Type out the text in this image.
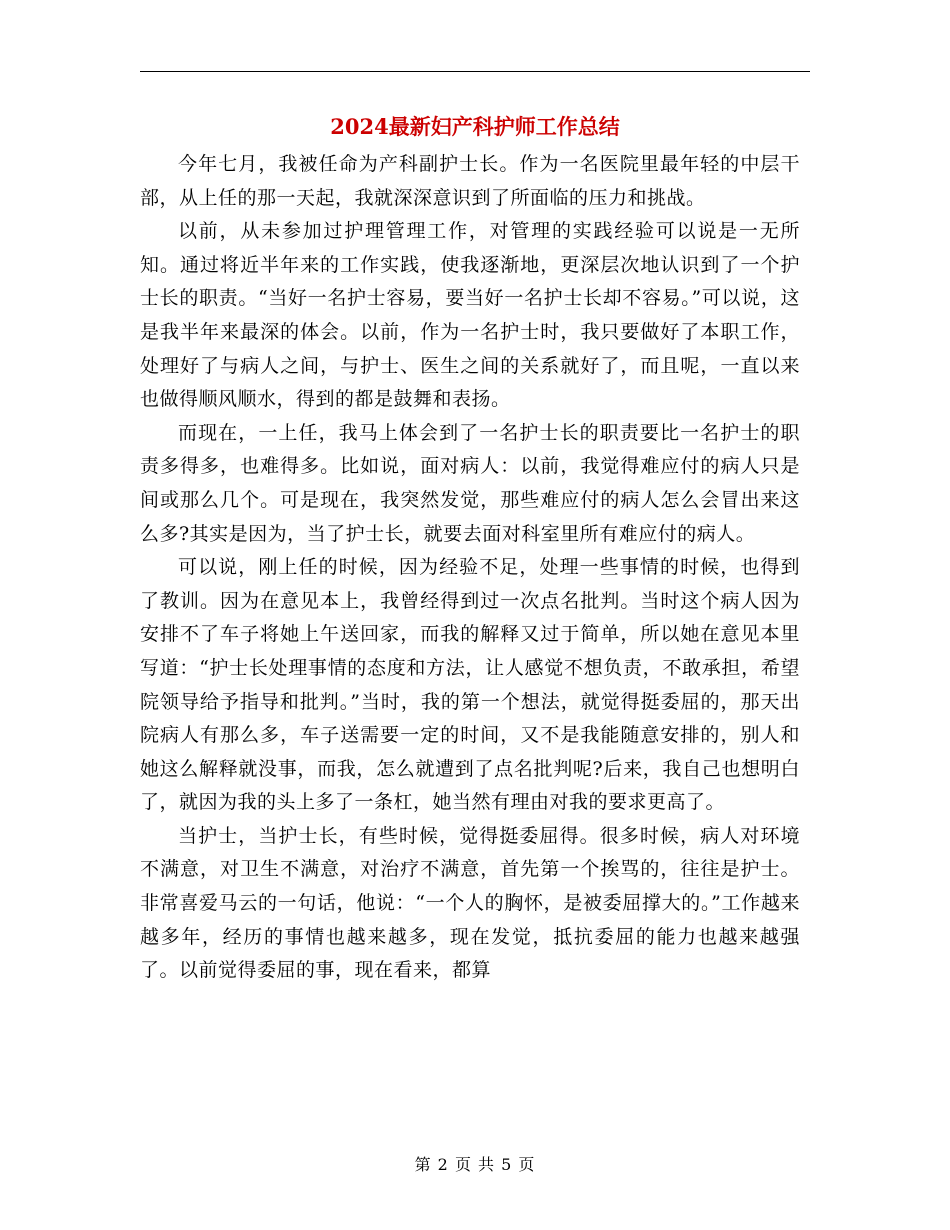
2024最新妇产科护师工作总结

今年七月，我被任命为产科副护士长。作为一名医院里最年轻的中层干部，从上任的那一天起，我就深深意识到了所面临的压力和挑战。

以前，从未参加过护理管理工作，对管理的实践经验可以说是一无所知。通过将近半年来的工作实践，使我逐渐地，更深层次地认识到了一个护士长的职责。“当好一名护士容易，要当好一名护士长却不容易。”可以说，这是我半年来最深的体会。以前，作为一名护士时，我只要做好了本职工作，处理好了与病人之间，与护士、医生之间的关系就好了，而且呢，一直以来也做得顺风顺水，得到的都是鼓舞和表扬。

而现在，一上任，我马上体会到了一名护士长的职责要比一名护士的职责多得多，也难得多。比如说，面对病人：以前，我觉得难应付的病人只是间或那么几个。可是现在，我突然发觉，那些难应付的病人怎么会冒出来这么多?其实是因为，当了护士长，就要去面对科室里所有难应付的病人。

可以说，刚上任的时候，因为经验不足，处理一些事情的时候，也得到了教训。因为在意见本上，我曾经得到过一次点名批判。当时这个病人因为安排不了车子将她上午送回家，而我的解释又过于简单，所以她在意见本里写道：“护士长处理事情的态度和方法，让人感觉不想负责，不敢承担，希望院领导给予指导和批判。”当时，我的第一个想法，就觉得挺委屈的，那天出院病人有那么多，车子送需要一定的时间，又不是我能随意安排的，别人和她这么解释就没事，而我，怎么就遭到了点名批判呢?后来，我自己也想明白了，就因为我的头上多了一条杠，她当然有理由对我的要求更高了。

当护士，当护士长，有些时候，觉得挺委屈得。很多时候，病人对环境不满意，对卫生不满意，对治疗不满意，首先第一个挨骂的，往往是护士。非常喜爱马云的一句话，他说：“一个人的胸怀，是被委屈撑大的。”工作越来越多年，经历的事情也越来越多，现在发觉，抵抗委屈的能力也越来越强了。以前觉得委屈的事，现在看来，都算

第 2 页 共 5 页
